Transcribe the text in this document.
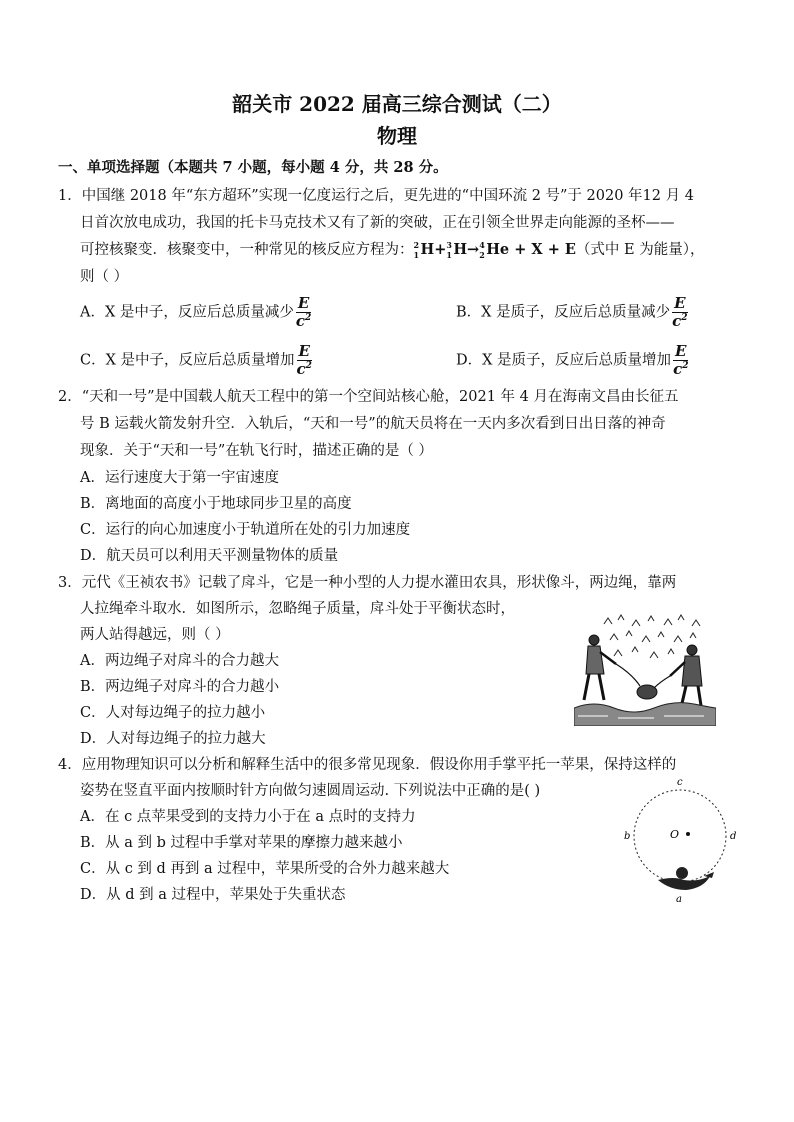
韶关市 2022 届高三综合测试（二）
物理
一、单项选择题（本题共 7 小题，每小题 4 分，共 28 分。
1．中国继 2018 年“东方超环”实现一亿度运行之后，更先进的“中国环流 2 号”于 2020 年12 月 4
日首次放电成功，我国的托卡马克技术又有了新的突破，正在引领全世界走向能源的圣杯——
可控核聚变．核聚变中，一种常见的核反应方程为： 2
1 H+ 3
1 H→ 4
2 He + X + E（式中 E 为能量），
则（ ）
A．X 是中子，反应后总质量减少 $\frac{E}{c^2}$	B．X 是质子，反应后总质量减少 $\frac{E}{c^2}$
C．X 是中子，反应后总质量增加 $\frac{E}{c^2}$	D．X 是质子，反应后总质量增加 $\frac{E}{c^2}$
2．“天和一号”是中国载人航天工程中的第一个空间站核心舱，2021 年 4 月在海南文昌由长征五
号 B 运载火箭发射升空．入轨后，“天和一号”的航天员将在一天内多次看到日出日落的神奇
现象．关于“天和一号”在轨飞行时，描述正确的是（ ）
A．运行速度大于第一宇宙速度
B．离地面的高度小于地球同步卫星的高度
C．运行的向心加速度小于轨道所在处的引力加速度
D．航天员可以利用天平测量物体的质量
3．元代《王祯农书》记载了戽斗，它是一种小型的人力提水灌田农具，形状像斗，两边绳，靠两
人拉绳牵斗取水．如图所示，忽略绳子质量，戽斗处于平衡状态时，
两人站得越远，则（ ）
A．两边绳子对戽斗的合力越大
B．两边绳子对戽斗的合力越小
C．人对每边绳子的拉力越小
D．人对每边绳子的拉力越大
4．应用物理知识可以分析和解释生活中的很多常见现象．假设你用手掌平托一苹果，保持这样的
姿势在竖直平面内按顺时针方向做匀速圆周运动. 下列说法中正确的是( )
A．在 c 点苹果受到的支持力小于在 a 点时的支持力
B．从 a 到 b 过程中手掌对苹果的摩擦力越来越小
C．从 c 到 d 再到 a 过程中，苹果所受的合外力越来越大
D．从 d 到 a 过程中，苹果处于失重状态
O
c
b	d
a
